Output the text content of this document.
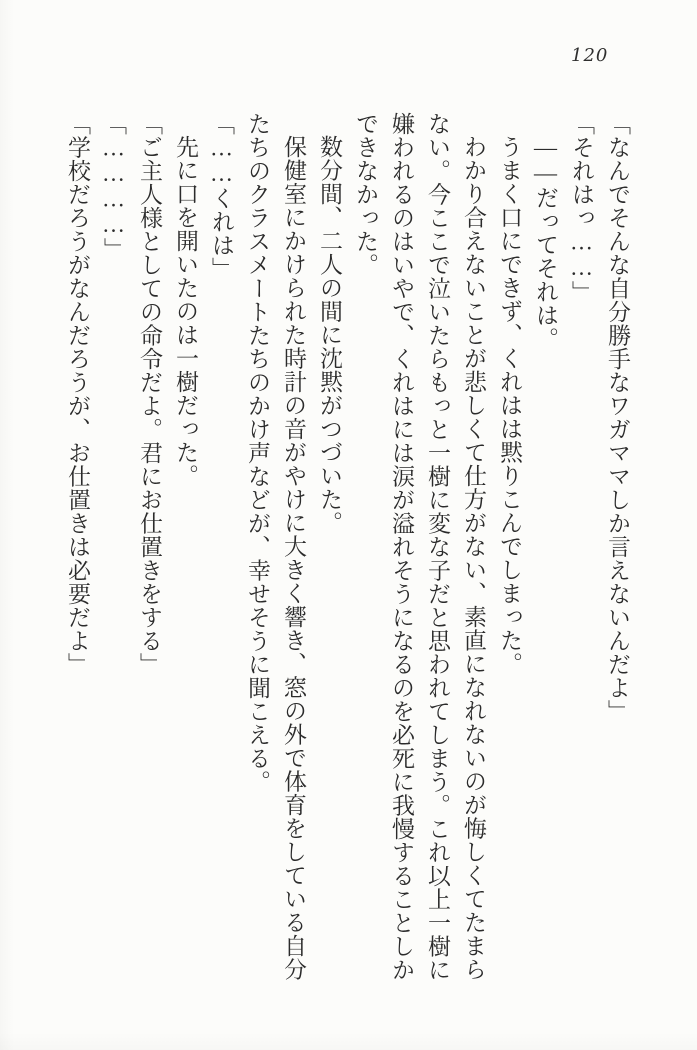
120

「なんでそんな自分勝手なワガママしか言えないんだよ」

「それはっ……」

――だってそれは。

うまく口にできず、くれはは黙りこんでしまった。

わかり合えないことが悲しくて仕方がない、素直になれないのが悔しくてたまらない。今ここで泣いたらもっと一樹に変な子だと思われてしまう。これ以上一樹に嫌われるのはいやで、くれはには涙が溢れそうになるのを必死に我慢することしかできなかった。

数分間、二人の間に沈黙がつづいた。

保健室にかけられた時計の音がやけに大きく響き、窓の外で体育をしている自分たちのクラスメートたちのかけ声などが、幸せそうに聞こえる。

「……くれは」

先に口を開いたのは一樹だった。

「ご主人様としての命令だよ。君にお仕置きをする」

「…………」

「学校だろうがなんだろうが、お仕置きは必要だよ」
